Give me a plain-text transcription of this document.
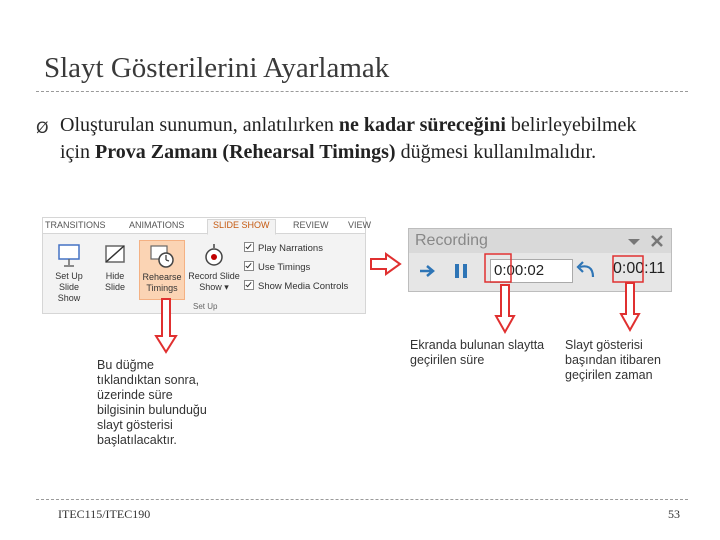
Slayt Gösterilerini Ayarlamak
Ø Oluşturulan sunumun, anlatılırken ne kadar süreceğini belirleyebilmek için Prova Zamanı (Rehearsal Timings) düğmesi kullanılmalıdır.
TRANSITIONS	ANIMATIONS	SLIDE SHOW	REVIEW VIEW
Set Up
Slide Show
Hide
Slide
Rehearse
Timings
Record Slide
Show ▾
Play Narrations
Use Timings
Show Media Controls
Set Up
Recording
0:00:02	0:00:11
Bu düğme tıklandıktan sonra, üzerinde süre bilgisinin bulunduğu slayt gösterisi başlatılacaktır.
Ekranda bulunan slaytta geçirilen süre
Slayt gösterisi başından itibaren geçirilen zaman
ITEC115/ITEC190	53
